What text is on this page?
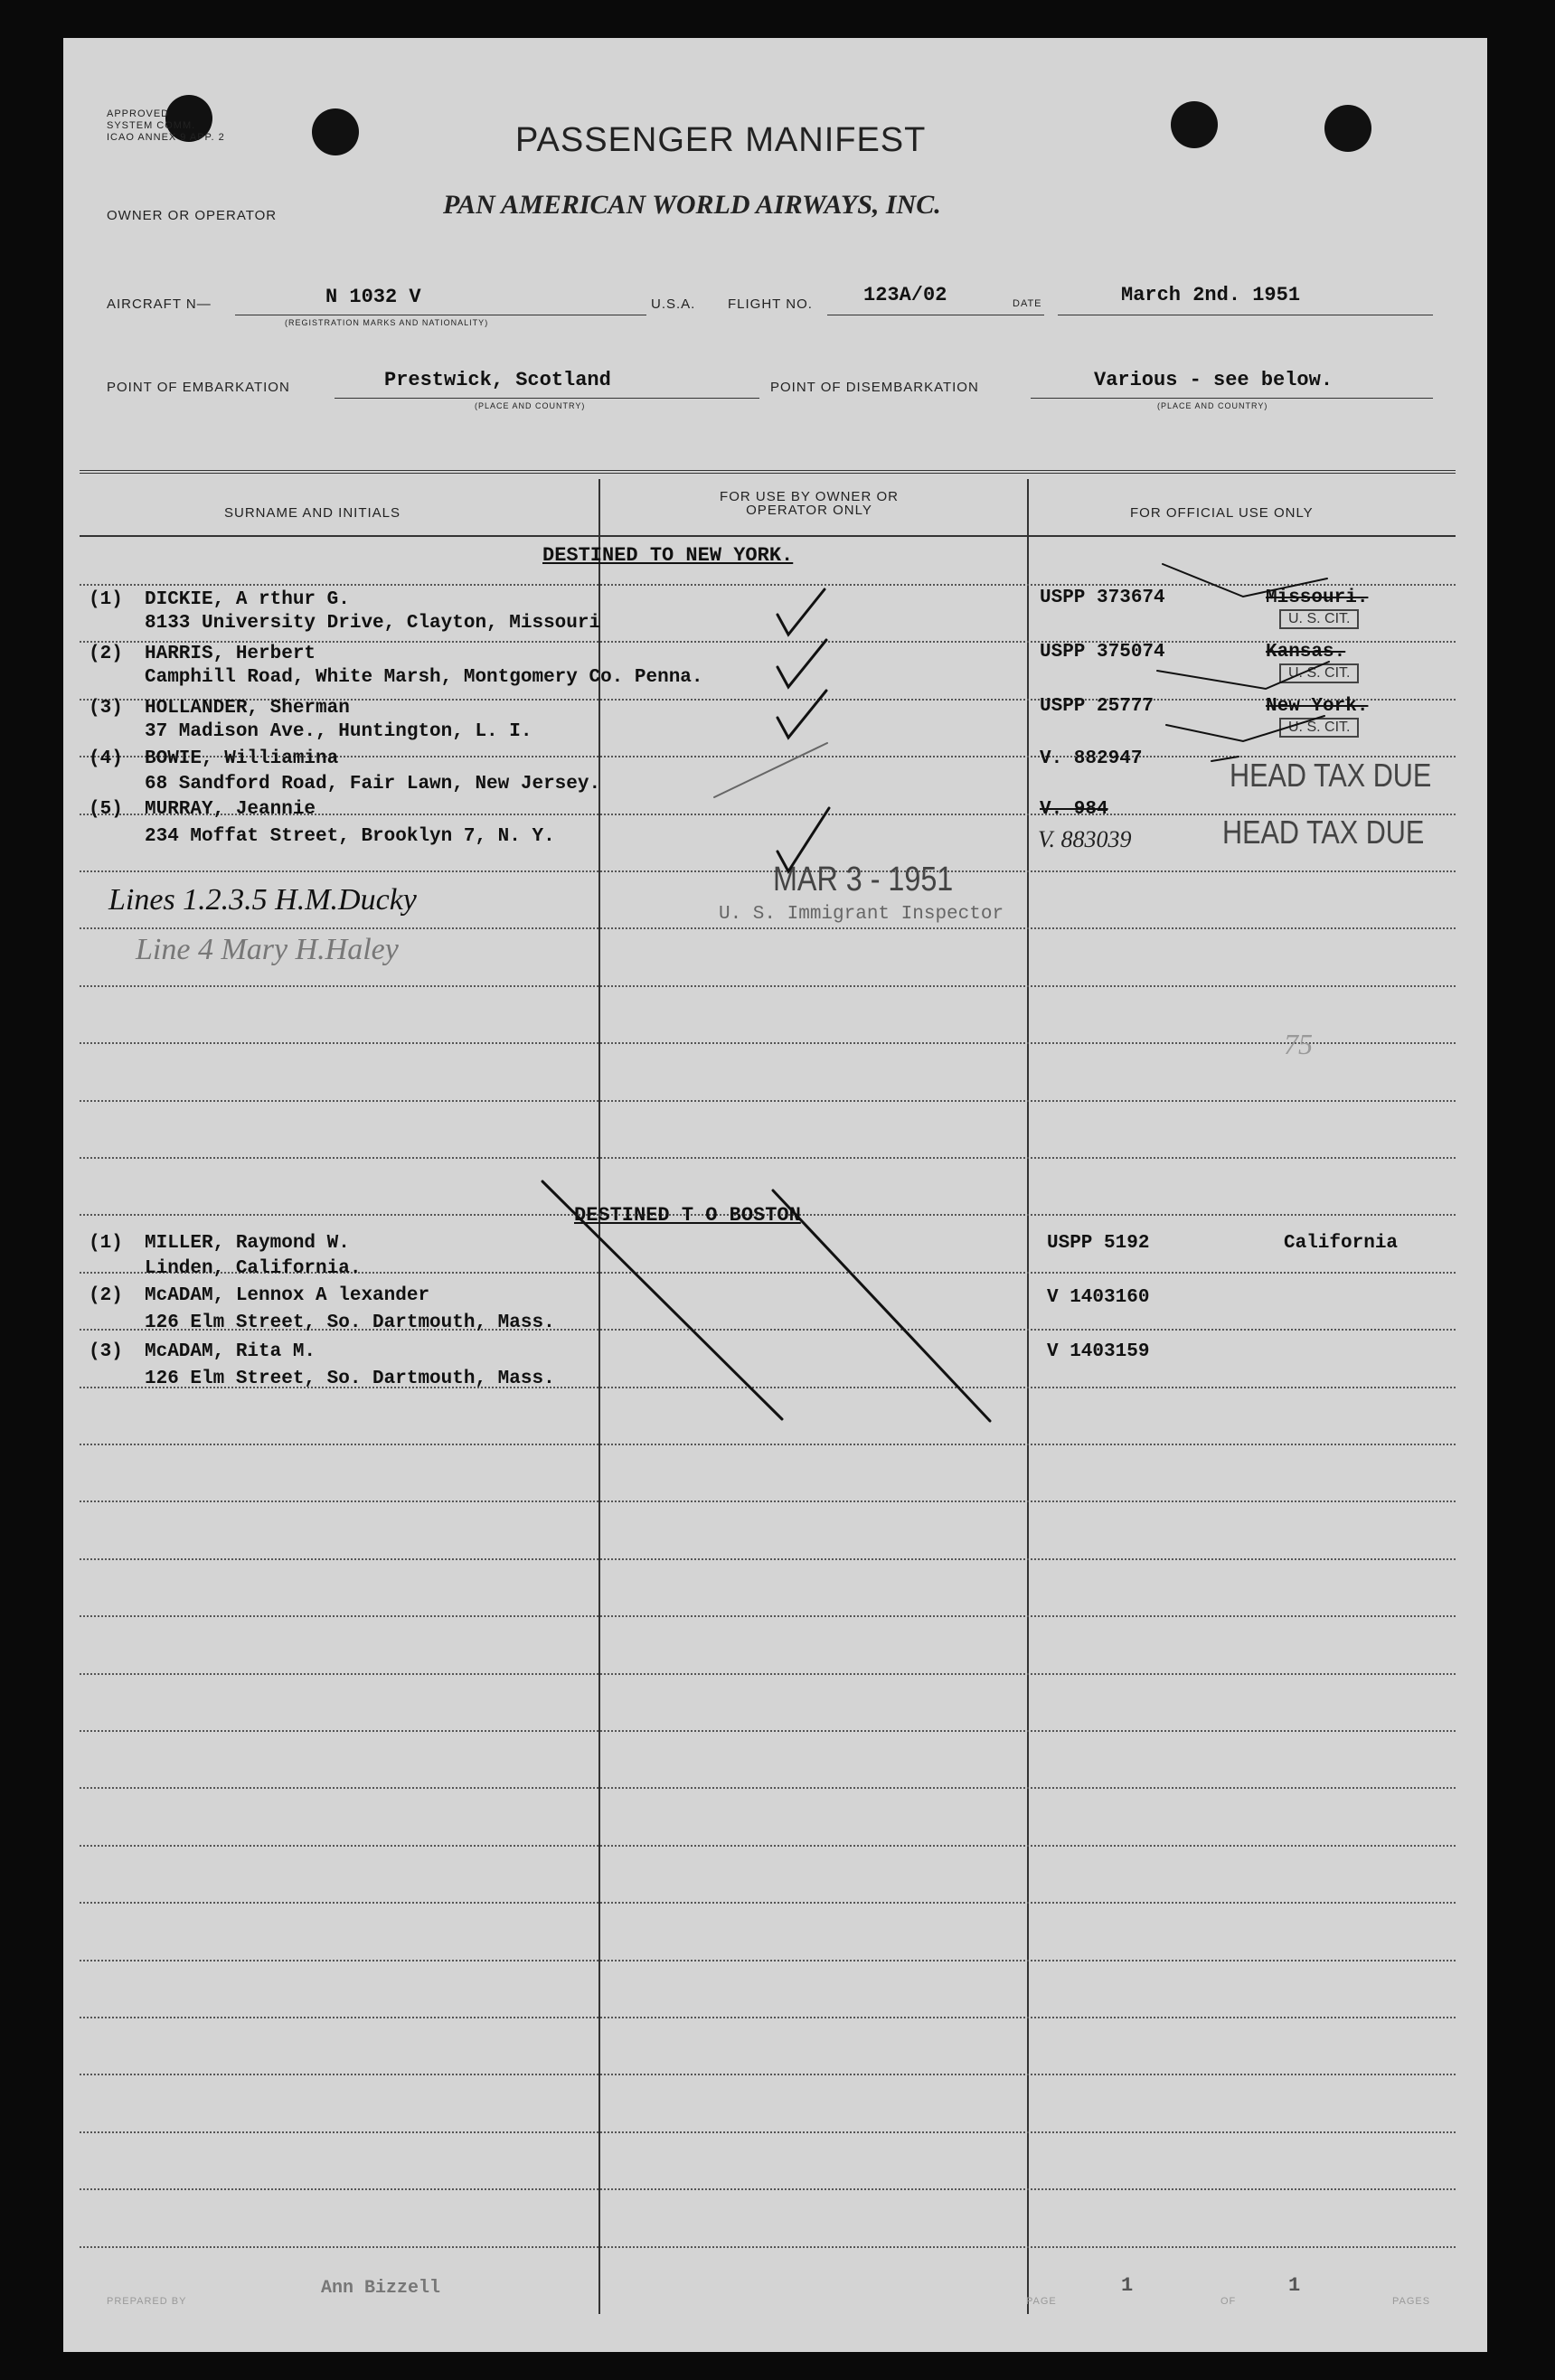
APPROVED
SYSTEM COMM.
ICAO ANNEX 9 APP. 2	PASSENGER MANIFEST
PAN AMERICAN WORLD AIRWAYS, INC.
OWNER OR OPERATOR
AIRCRAFT N—	N 1032 V
(REGISTRATION MARKS AND NATIONALITY)
U.S.A. FLIGHT NO.	123A/02	DATE	March 2nd. 1951
POINT OF EMBARKATION	Prestwick, Scotland
(PLACE AND COUNTRY)
POINT OF DISEMBARKATION	Various - see below.
(PLACE AND COUNTRY)
SURNAME AND INITIALS
FOR USE BY OWNER OR OPERATOR ONLY	FOR OFFICIAL USE ONLY
DESTINED TO NEW YORK.
(1) DICKIE, A rthur G.
8133 University Drive, Clayton, Missouri
USPP 373674	Missouri.
U. S. CIT.
(2) HARRIS, Herbert
Camphill Road, White Marsh, Montgomery Co. Penna.
USPP 375074	Kansas.
U. S. CIT.
(3) HOLLANDER, Sherman
37 Madison Ave., Huntington, L. I.
USPP 25777	New York.
U. S. CIT.
(4) BOWIE, Williamina
68 Sandford Road, Fair Lawn, New Jersey.
V. 882947	HEAD TAX DUE
(5) MURRAY, Jeannie
234 Moffat Street, Brooklyn 7, N. Y.
V. 984
V. 883039	HEAD TAX DUE
MAR 3 - 1951
U. S. Immigrant Inspector
Lines 1.2.3.5 H.M.Ducky
Line 4 Mary H.Haley
75
DESTINED T O BOSTON
(1) MILLER, Raymond W.
Linden, California.
USPP 5192	California
(2) McADAM, Lennox A lexander
126 Elm Street, So. Dartmouth, Mass.
V 1403160
(3) McADAM, Rita M.
126 Elm Street, So. Dartmouth, Mass.
V 1403159
PREPARED BY
Ann Bizzell
PAGE
1
OF
1
PAGES
